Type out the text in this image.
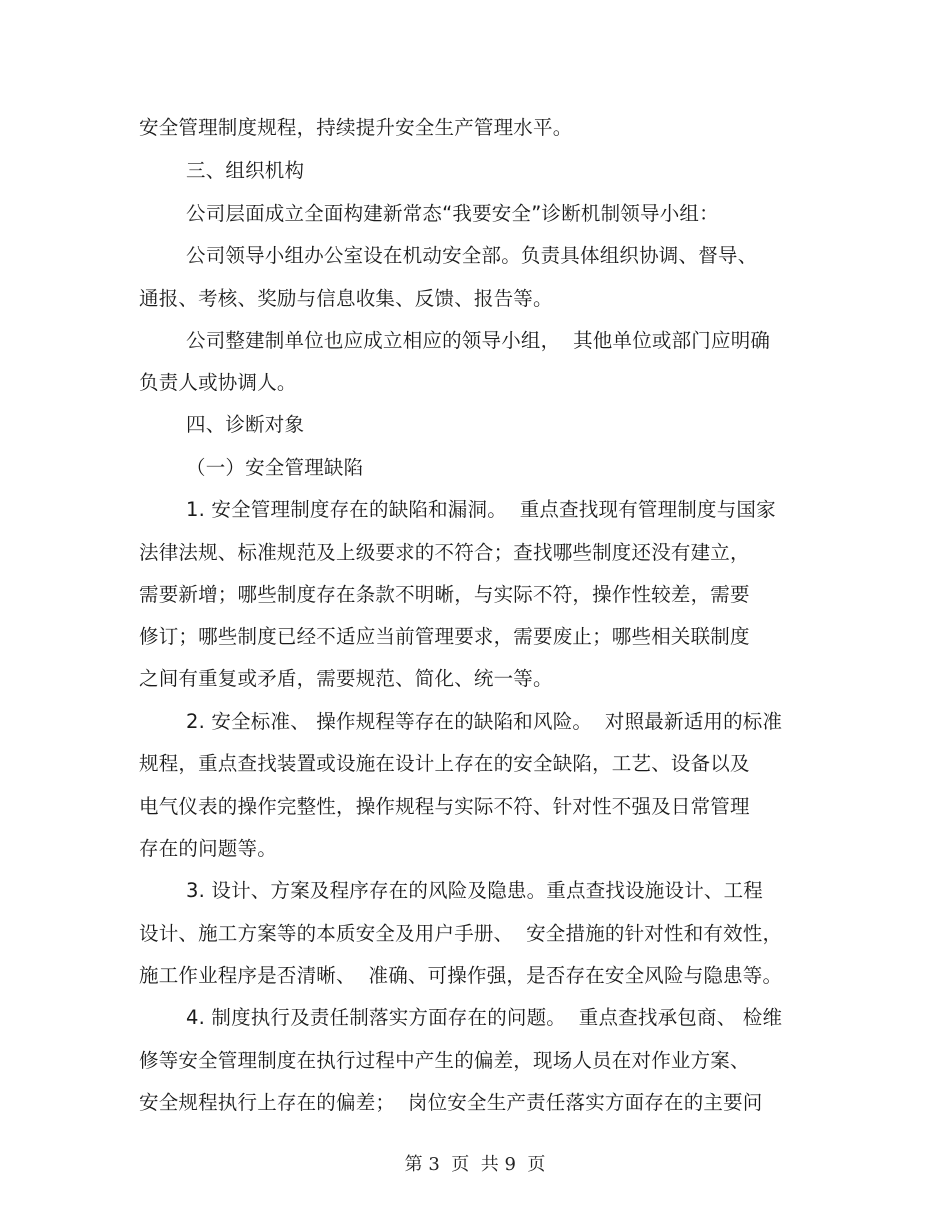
安全管理制度规程，持续提升安全生产管理水平。
三、组织机构
公司层面成立全面构建新常态“我要安全”诊断机制领导小组：
公司领导小组办公室设在机动安全部。负责具体组织协调、督导、
通报、考核、奖励与信息收集、反馈、报告等。
公司整建制单位也应成立相应的领导小组，  其他单位或部门应明确
负责人或协调人。
四、诊断对象
（一）安全管理缺陷
1. 安全管理制度存在的缺陷和漏洞。  重点查找现有管理制度与国家
法律法规、标准规范及上级要求的不符合；查找哪些制度还没有建立，
需要新增；哪些制度存在条款不明晰，与实际不符，操作性较差，需要
修订；哪些制度已经不适应当前管理要求，需要废止；哪些相关联制度
之间有重复或矛盾，需要规范、简化、统一等。
2. 安全标准、 操作规程等存在的缺陷和风险。  对照最新适用的标准
规程，重点查找装置或设施在设计上存在的安全缺陷，工艺、设备以及
电气仪表的操作完整性，操作规程与实际不符、针对性不强及日常管理
存在的问题等。
3. 设计、方案及程序存在的风险及隐患。重点查找设施设计、工程
设计、施工方案等的本质安全及用户手册、  安全措施的针对性和有效性，
施工作业程序是否清晰、  准确、可操作强，是否存在安全风险与隐患等。
4. 制度执行及责任制落实方面存在的问题。  重点查找承包商、 检维
修等安全管理制度在执行过程中产生的偏差，现场人员在对作业方案、
安全规程执行上存在的偏差；  岗位安全生产责任落实方面存在的主要问
第 3  页  共 9  页
